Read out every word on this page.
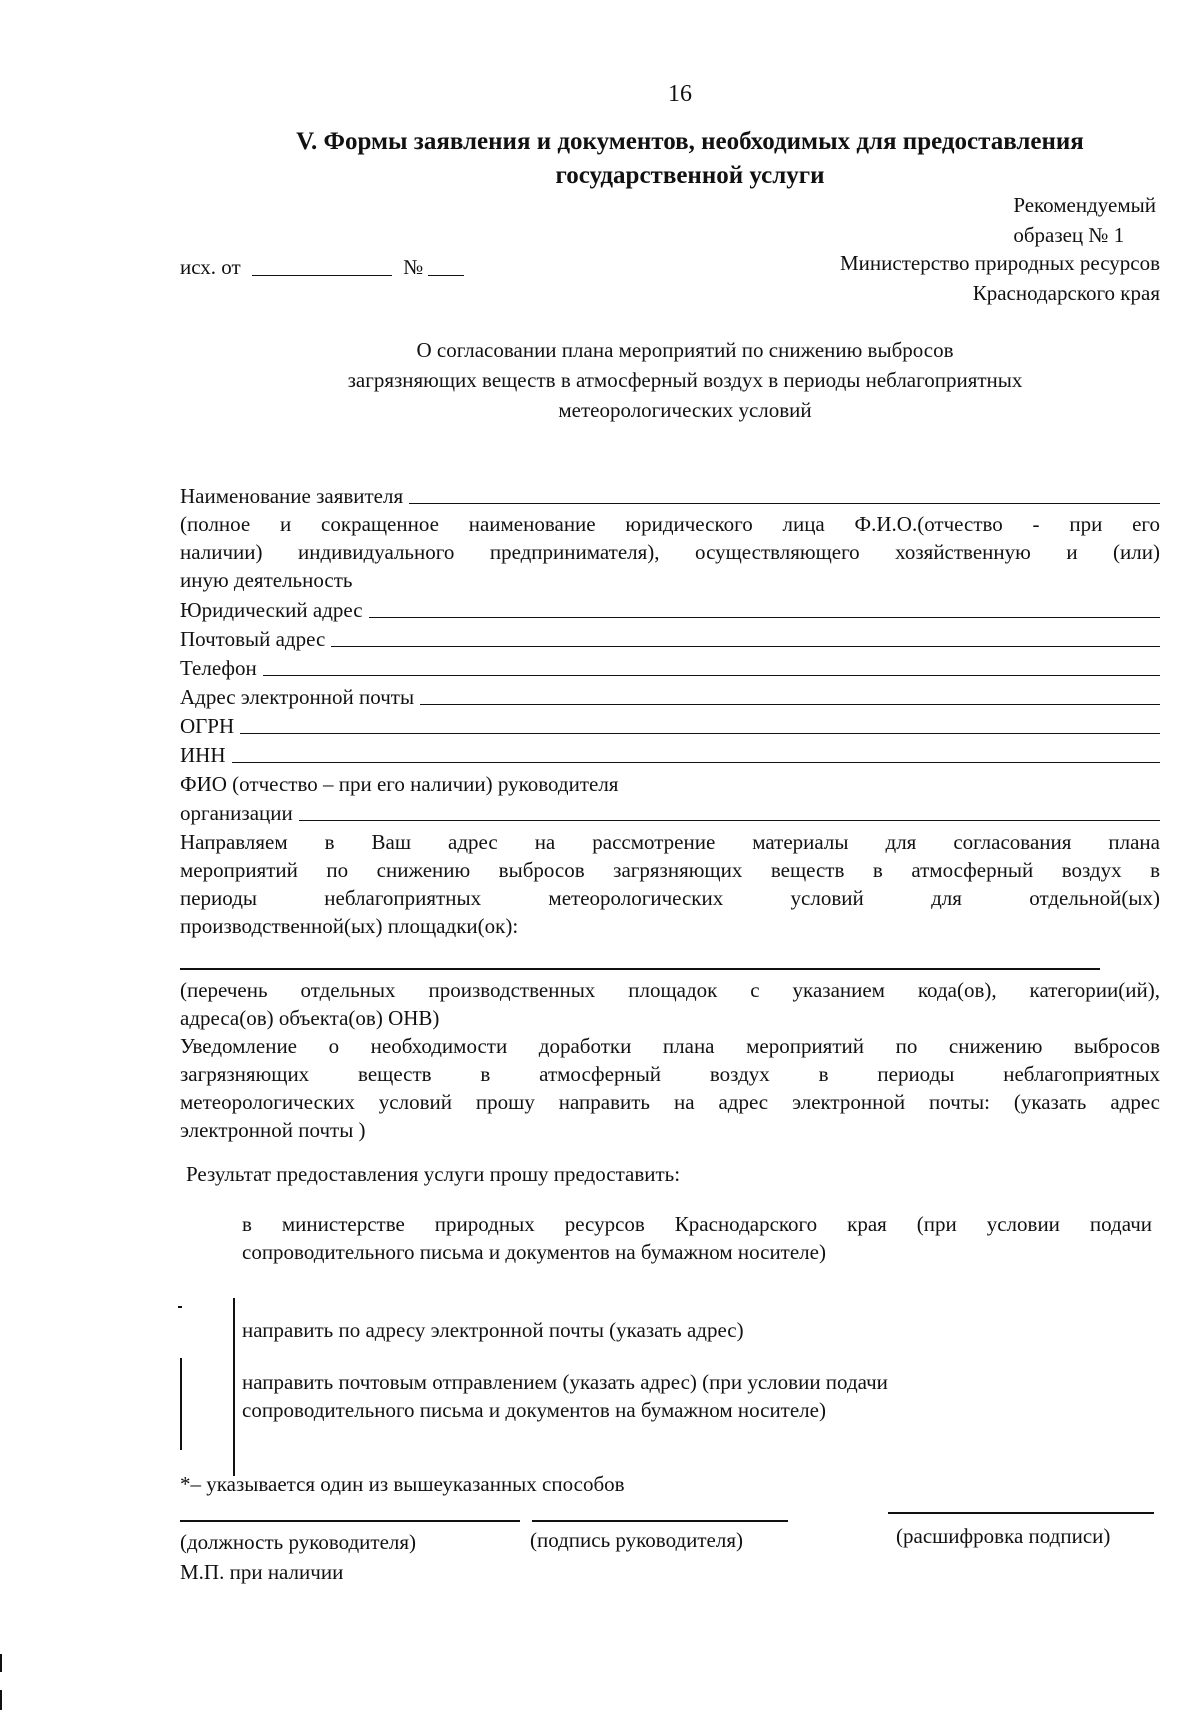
16
V. Формы заявления и документов, необходимых для предоставления
государственной услуги
Рекомендуемый
образец № 1
исх. от	№	Министерство природных ресурсов
Краснодарского края
О согласовании плана мероприятий по снижению выбросов
загрязняющих веществ в атмосферный воздух в периоды неблагоприятных
метеорологических условий
Наименование заявителя
(полное и сокращенное наименование юридического лица Ф.И.О.(отчество - при его
наличии) индивидуального предпринимателя), осуществляющего хозяйственную и (или)
иную деятельность
Юридический адрес
Почтовый адрес
Телефон
Адрес электронной почты
ОГРН
ИНН
ФИО (отчество – при его наличии) руководителя
организации
Направляем в Ваш адрес на рассмотрение материалы для согласования плана
мероприятий по снижению выбросов загрязняющих веществ в атмосферный воздух в
периоды неблагоприятных метеорологических условий для отдельной(ых)
производственной(ых) площадки(ок):
(перечень отдельных производственных площадок с указанием кода(ов), категории(ий),
адреса(ов) объекта(ов) ОНВ)
Уведомление о необходимости доработки плана мероприятий по снижению выбросов
загрязняющих веществ в атмосферный воздух в периоды неблагоприятных
метеорологических условий прошу направить на адрес электронной почты: (указать адрес
электронной почты )
Результат предоставления услуги прошу предоставить:
в министерстве природных ресурсов Краснодарского края (при условии подачи
сопроводительного письма и документов на бумажном носителе)
направить по адресу электронной почты (указать адрес)
направить почтовым отправлением (указать адрес) (при условии подачи
сопроводительного письма и документов на бумажном носителе)
*– указывается один из вышеуказанных способов
(должность руководителя)	(подпись руководителя)	(расшифровка подписи)
М.П. при наличии
